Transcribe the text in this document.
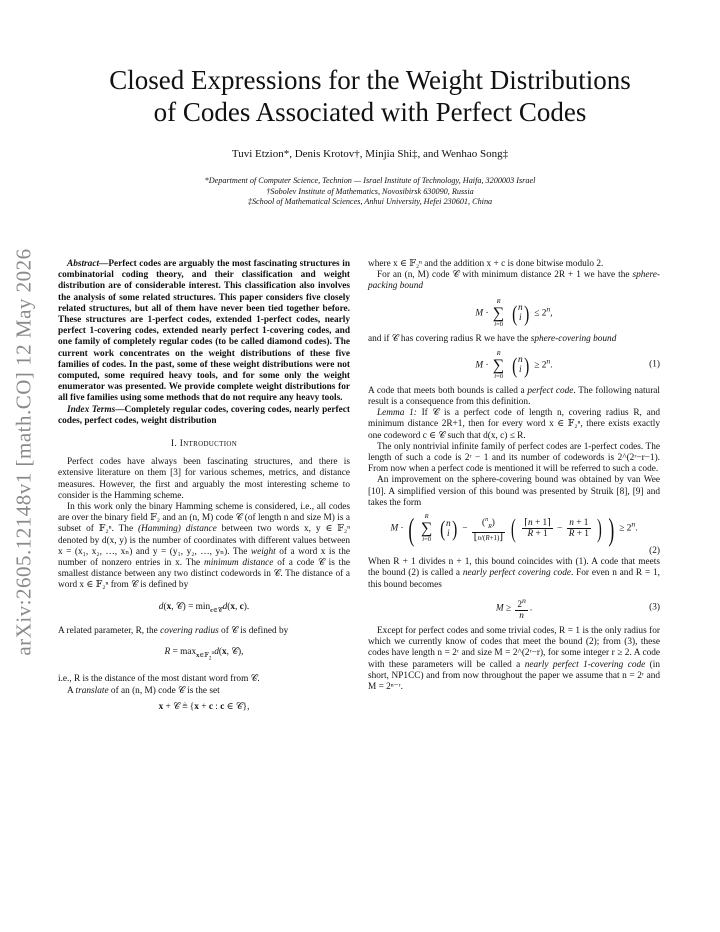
arXiv:2605.12148v1 [math.CO] 12 May 2026
Closed Expressions for the Weight Distributions
of Codes Associated with Perfect Codes
Tuvi Etzion*, Denis Krotov†, Minjia Shi‡, and Wenhao Song‡
*Department of Computer Science, Technion — Israel Institute of Technology, Haifa, 3200003 Israel
†Sobolev Institute of Mathematics, Novosibirsk 630090, Russia
‡School of Mathematical Sciences, Anhui University, Hefei 230601, China

Abstract—Perfect codes are arguably the most fascinating structures in combinatorial coding theory, and their classification and weight distribution are of considerable interest. This classification also involves the analysis of some related structures. This paper considers five closely related structures, but all of them have never been tied together before. These structures are 1-perfect codes, extended 1-perfect codes, nearly perfect 1-covering codes, extended nearly perfect 1-covering codes, and one family of completely regular codes (to be called diamond codes). The current work concentrates on the weight distributions of these five families of codes. In the past, some of these weight distributions were not computed, some required heavy tools, and for some only the weight enumerator was presented. We provide complete weight distributions for all five families using some methods that do not require any heavy tools.

Index Terms—Completely regular codes, covering codes, nearly perfect codes, perfect codes, weight distribution

I. Introduction

Perfect codes have always been fascinating structures, and there is extensive literature on them [3] for various schemes, metrics, and distance measures. However, the first and arguably the most interesting scheme to consider is the Hamming scheme.

In this work only the binary Hamming scheme is considered, i.e., all codes are over the binary field 𝔽₂ and an (n, M) code 𝒞 (of length n and size M) is a subset of 𝔽₂ⁿ. The (Hamming) distance between two words x, y ∈ 𝔽₂ⁿ denoted by d(x, y) is the number of coordinates with different values between x = (x₁, x₂, …, xₙ) and y = (y₁, y₂, …, yₙ). The weight of a word x is the number of nonzero entries in x. The minimum distance of a code 𝒞 is the smallest distance between any two distinct codewords in 𝒞. The distance of a word x ∈ 𝔽₂ⁿ from 𝒞 is defined by

d(x, 𝒞) = $\min_{c\in 𝒞}d(x$, c).

A related parameter, R, the covering radius of 𝒞 is defined by

$R = \max_{x\in 𝔽_2^n}d(x$, 𝒞),

i.e., R is the distance of the most distant word from 𝒞.

A translate of an (n, M) code 𝒞 is the set

x + 𝒞 ≜ {x + c : c ∈ 𝒞},

where x ∈ 𝔽₂ⁿ and the addition x + c is done bitwise modulo 2.

For an (n, M) code 𝒞 with minimum distance 2R + 1 we have the sphere-packing bound

M ·
R
∑
i=0 (n
$i) \le 2^n$,

and if 𝒞 has covering radius R we have the sphere-covering bound

M ·
R
∑
i=0 (n
$i) \ge 2^n$.	(1)

A code that meets both bounds is called a perfect code. The following natural result is a consequence from this definition.

Lemma 1: If 𝒞 is a perfect code of length n, covering radius R, and minimum distance 2R+1, then for every word x ∈ 𝔽₂ⁿ, there exists exactly one codeword c ∈ 𝒞 such that d(x, c) ≤ R.

The only nontrivial infinite family of perfect codes are 1-perfect codes. The length of such a code is 2ʳ − 1 and its number of codewords is 2^(2ʳ−r−1). From now when a perfect code is mentioned it will be referred to such a code.

An improvement on the sphere-covering bound was obtained by van Wee [10]. A simplified version of this bound was presented by Struik [8], [9] and takes the form

M · (	R
∑
i=0 (n
$i) - \frac{(^n_R)}{⌊n/(R+1)⌋}$ ( $\frac{⌈n + 1⌉}{R + 1} - \frac{n + 1}{R + 1}$ ) ) ≥ $2^n$.
(2)

When R + 1 divides n + 1, this bound coincides with (1). A code that meets the bound (2) is called a nearly perfect covering code. For even n and R = 1, this bound becomes

$M \ge \frac{2^n}{n}$ .	(3)

Except for perfect codes and some trivial codes, R = 1 is the only radius for which we currently know of codes that meet the bound (2); from (3), these codes have length n = 2ʳ and size M = 2^(2ʳ−r), for some integer r ≥ 2. A code with these parameters will be called a nearly perfect 1-covering code (in short, NP1CC) and from now throughout the paper we assume that n = 2ʳ and M = 2ⁿ⁻ʳ.
